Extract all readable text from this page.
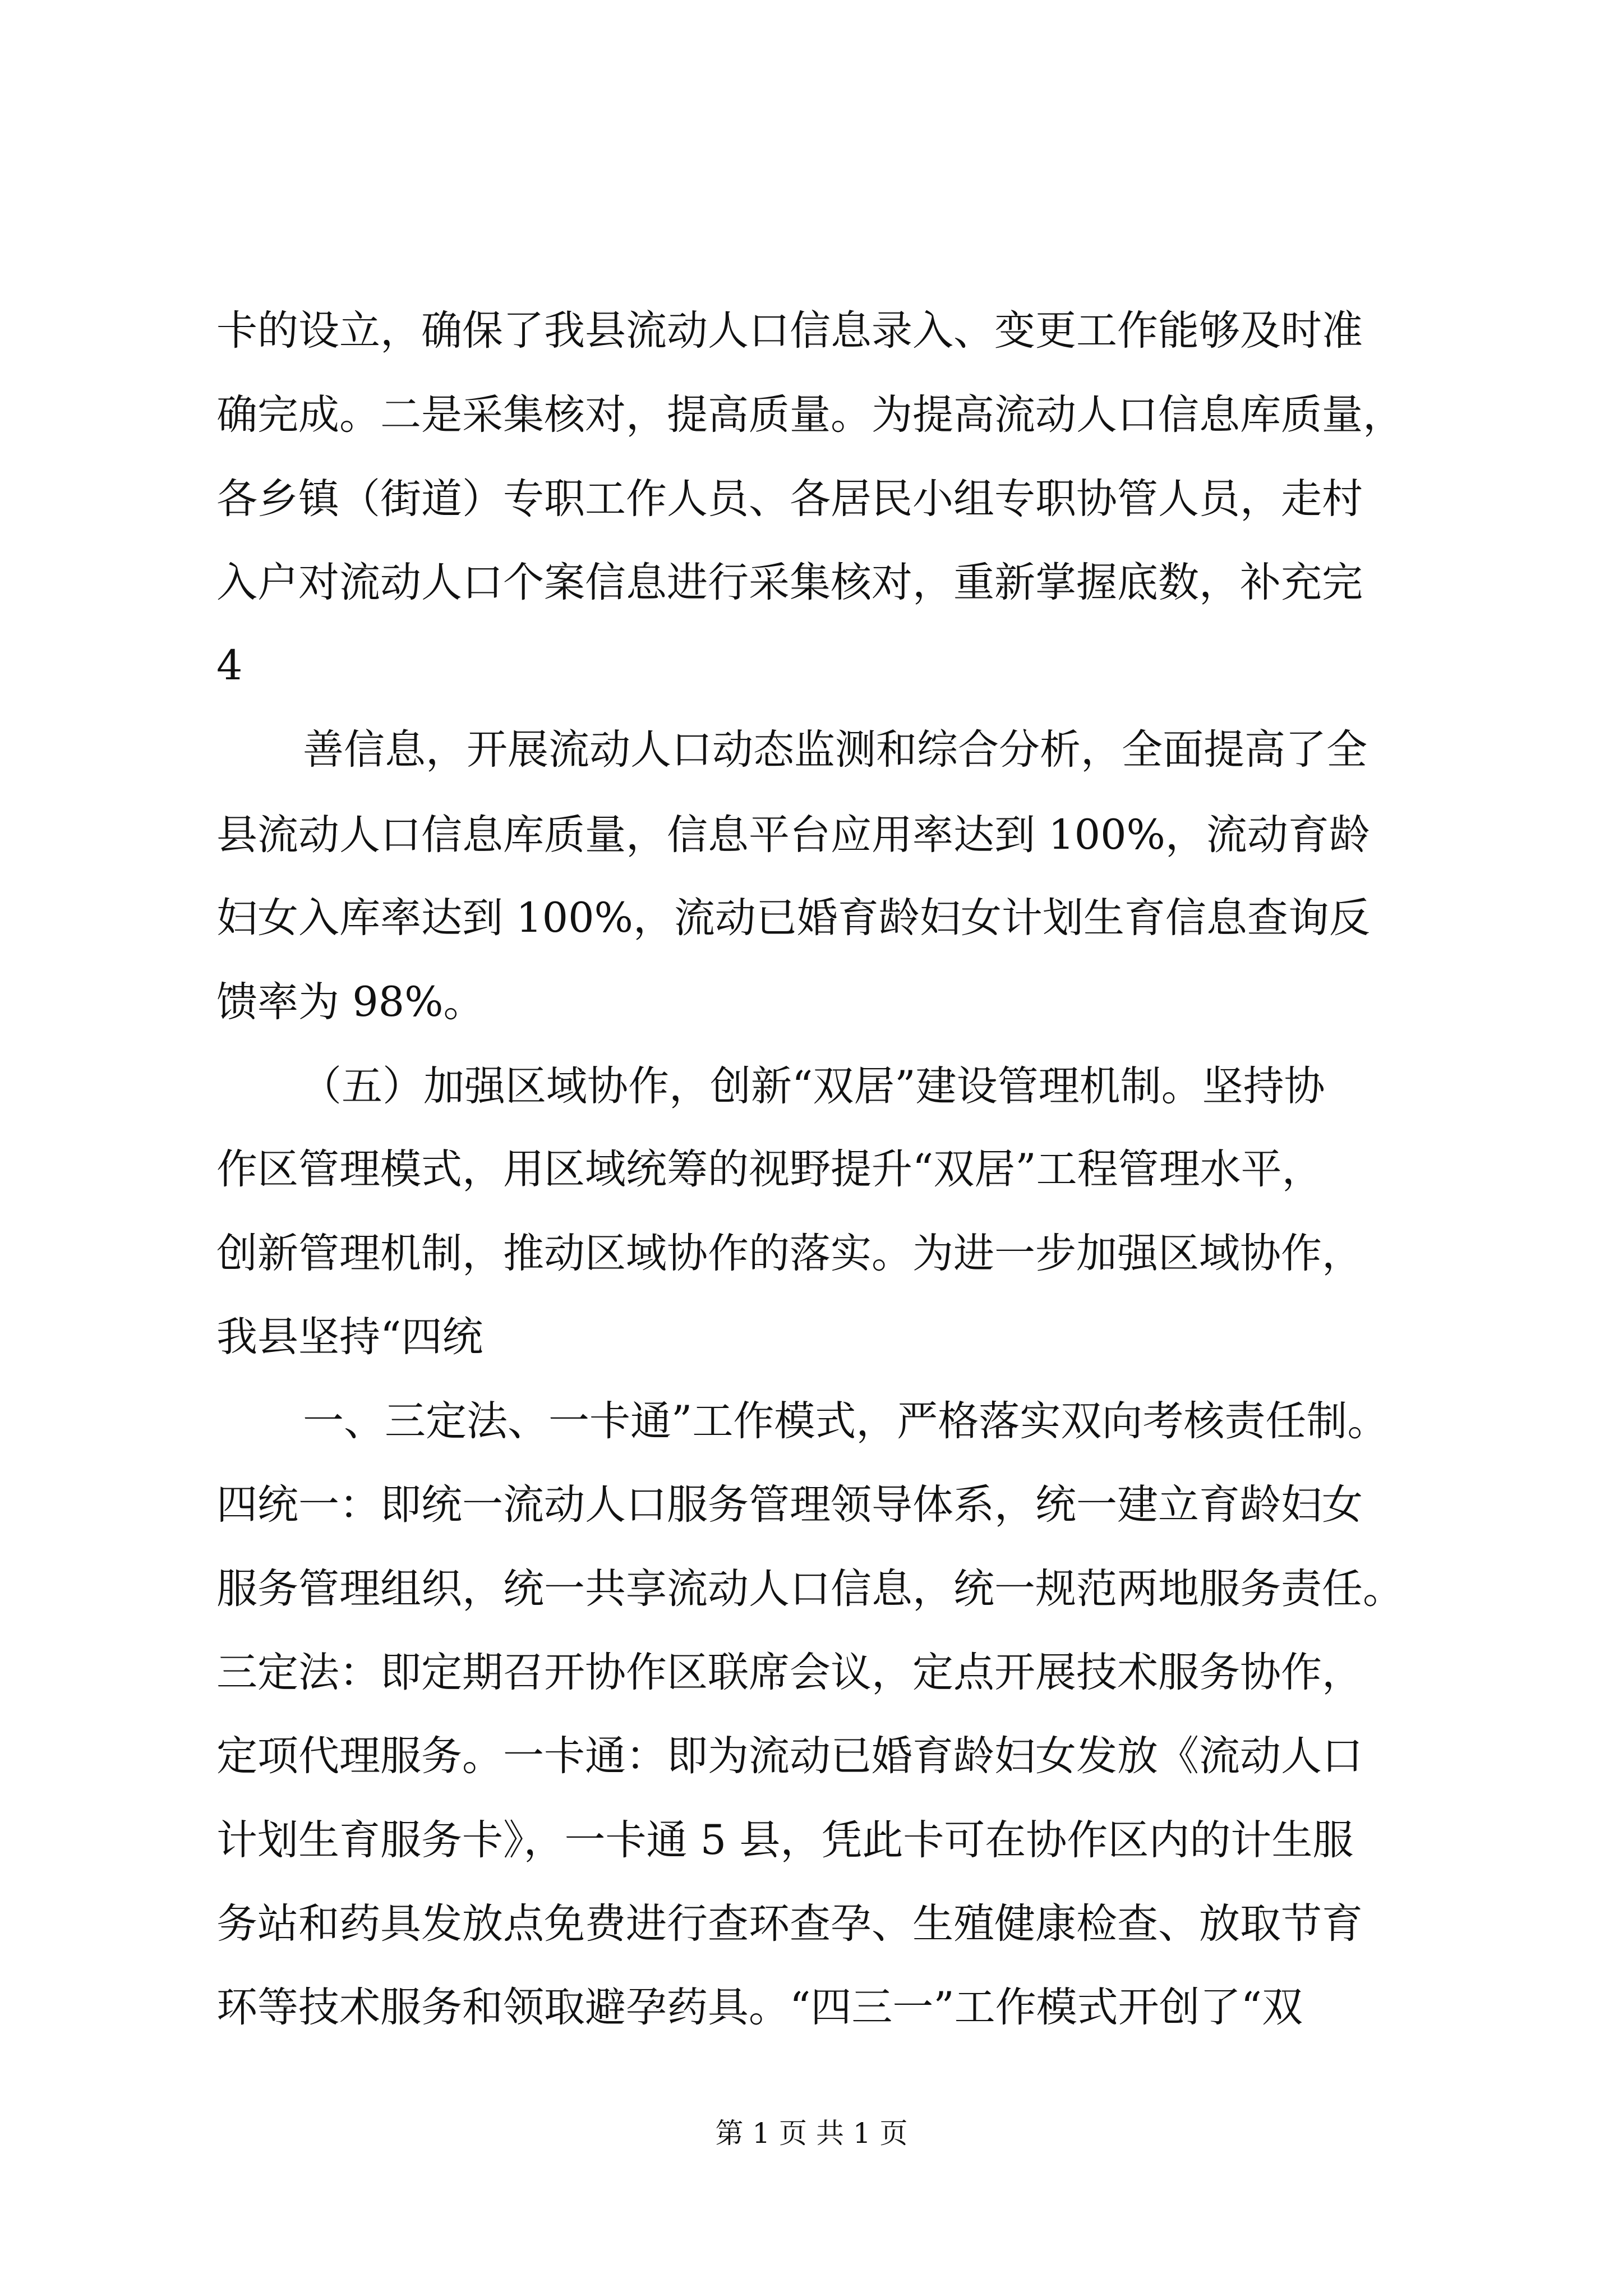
卡的设立，确保了我县流动人口信息录入、变更工作能够及时准
确完成。二是采集核对，提高质量。为提高流动人口信息库质量，
各乡镇（街道）专职工作人员、各居民小组专职协管人员，走村
入户对流动人口个案信息进行采集核对，重新掌握底数，补充完
4
善信息，开展流动人口动态监测和综合分析，全面提高了全
县流动人口信息库质量，信息平台应用率达到 100%，流动育龄
妇女入库率达到 100%，流动已婚育龄妇女计划生育信息查询反
馈率为 98%。
（五）加强区域协作，创新“双居”建设管理机制。坚持协
作区管理模式，用区域统筹的视野提升“双居”工程管理水平，
创新管理机制，推动区域协作的落实。为进一步加强区域协作，
我县坚持“四统
一、三定法、一卡通”工作模式，严格落实双向考核责任制。
四统一：即统一流动人口服务管理领导体系，统一建立育龄妇女
服务管理组织，统一共享流动人口信息，统一规范两地服务责任。
三定法：即定期召开协作区联席会议，定点开展技术服务协作，
定项代理服务。一卡通：即为流动已婚育龄妇女发放《流动人口
计划生育服务卡》，一卡通 5 县，凭此卡可在协作区内的计生服
务站和药具发放点免费进行查环查孕、生殖健康检查、放取节育
环等技术服务和领取避孕药具。“四三一”工作模式开创了“双
第 1 页 共 1 页
